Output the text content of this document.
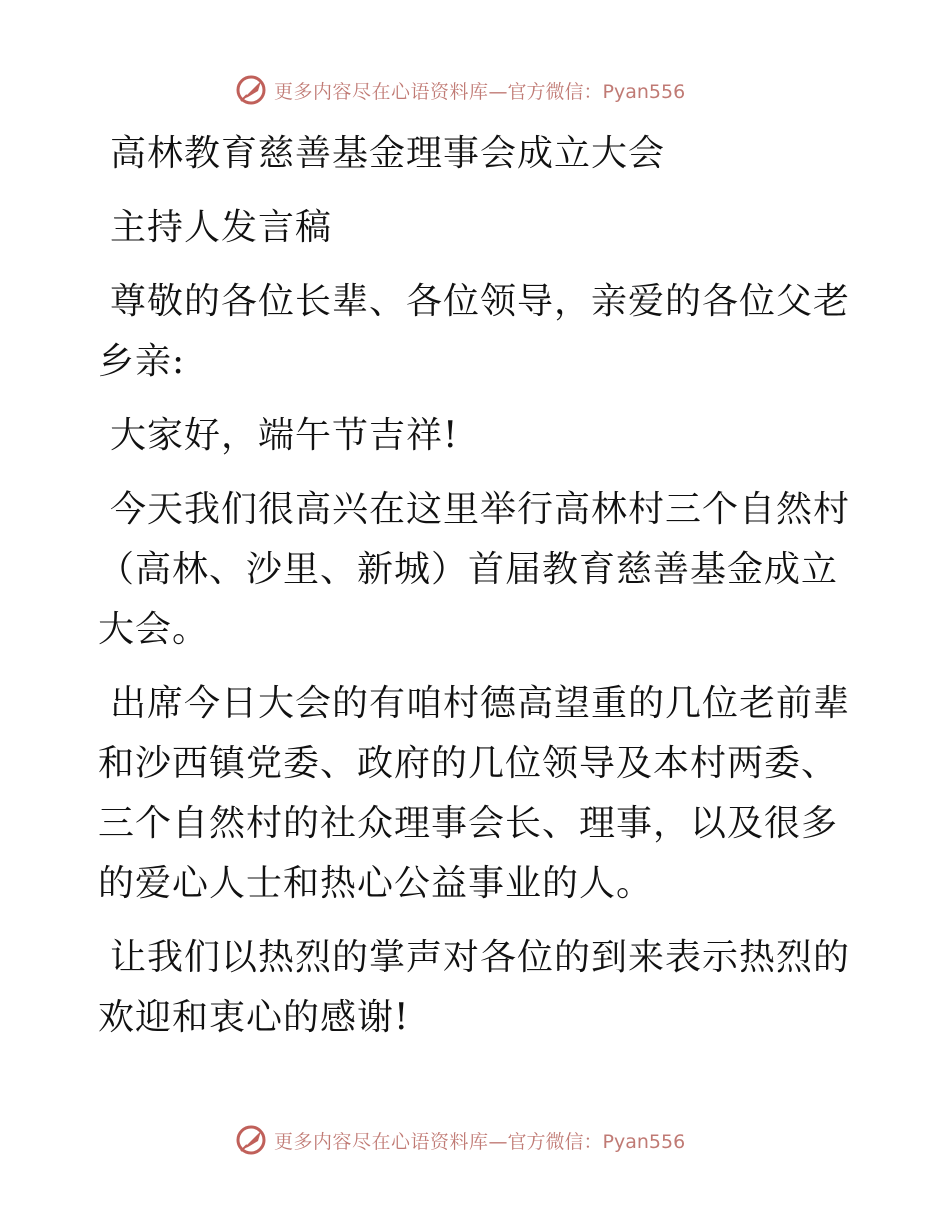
更多内容尽在心语资料库 —官方微信：Pyan556

高林教育慈善基金理事会成立大会

主持人发言稿

尊敬的各位长辈、各位领导，亲爱的各位父老乡亲:

大家好，端午节吉祥!

今天我们很高兴在这里举行高林村三个自然村（高林、沙里、新城）首届教育慈善基金成立大会。

出席今日大会的有咱村德高望重的几位老前辈和沙西镇党委、政府的几位领导及本村两委、三个自然村的社众理事会长、理事，以及很多的爱心人士和热心公益事业的人。

让我们以热烈的掌声对各位的到来表示热烈的欢迎和衷心的感谢!

更多内容尽在心语资料库 —官方微信：Pyan556
